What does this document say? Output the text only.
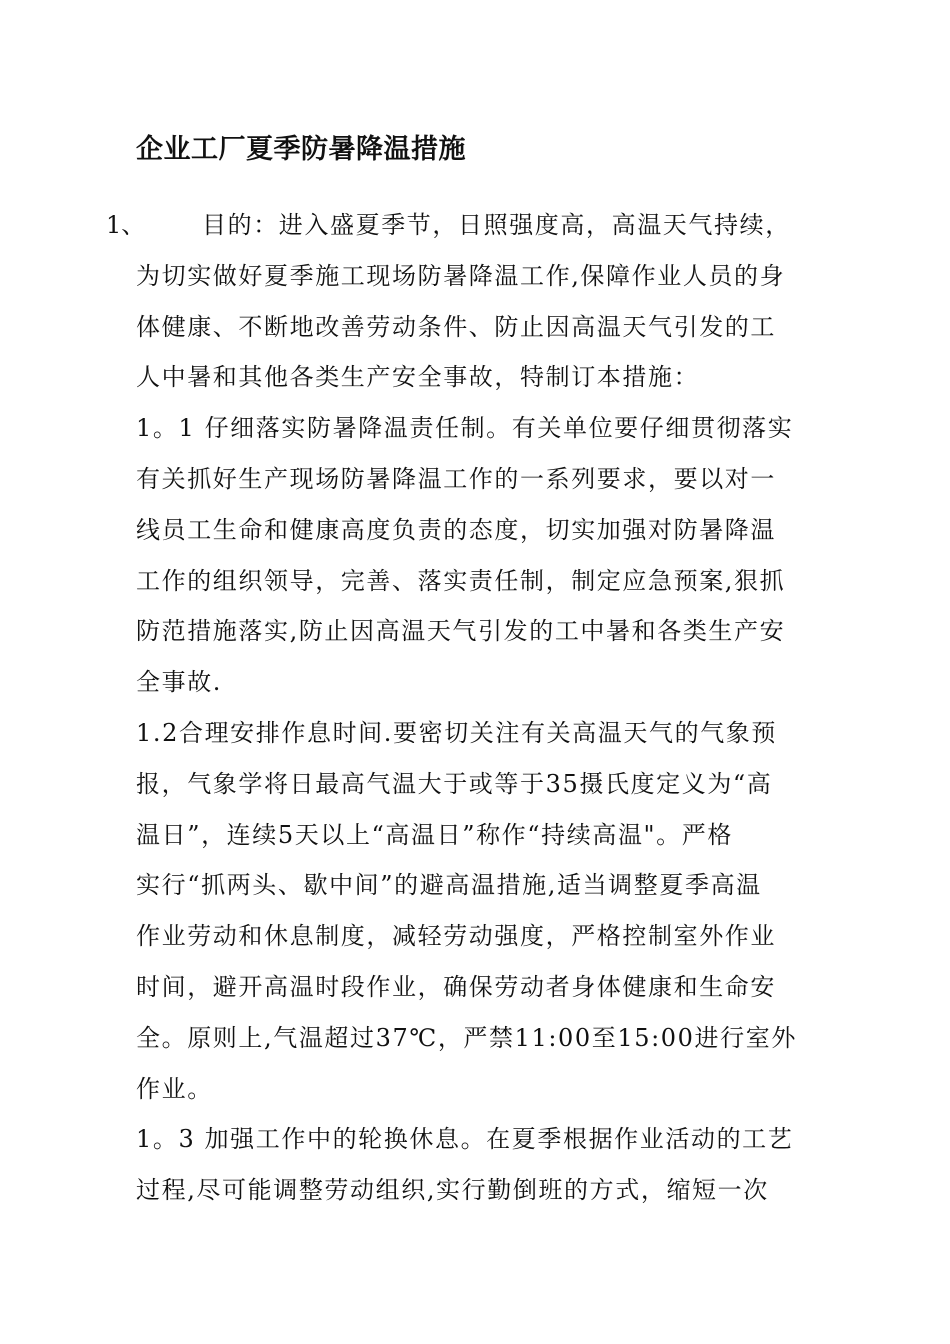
企业工厂夏季防暑降温措施
1、	目的：进入盛夏季节，日照强度高，高温天气持续，
为切实做好夏季施工现场防暑降温工作,保障作业人员的身
体健康、不断地改善劳动条件、防止因高温天气引发的工
人中暑和其他各类生产安全事故，特制订本措施：
1。1 仔细落实防暑降温责任制。有关单位要仔细贯彻落实
有关抓好生产现场防暑降温工作的一系列要求，要以对一
线员工生命和健康高度负责的态度，切实加强对防暑降温
工作的组织领导，完善、落实责任制，制定应急预案,狠抓
防范措施落实,防止因高温天气引发的工中暑和各类生产安
全事故.
1.2合理安排作息时间.要密切关注有关高温天气的气象预
报，气象学将日最高气温大于或等于35摄氏度定义为“高
温日”，连续5天以上“高温日”称作“持续高温"。严格
实行“抓两头、歇中间”的避高温措施,适当调整夏季高温
作业劳动和休息制度，减轻劳动强度，严格控制室外作业
时间，避开高温时段作业，确保劳动者身体健康和生命安
全。原则上,气温超过37℃，严禁11:00至15:00进行室外
作业。
1。3 加强工作中的轮换休息。在夏季根据作业活动的工艺
过程,尽可能调整劳动组织,实行勤倒班的方式，缩短一次
